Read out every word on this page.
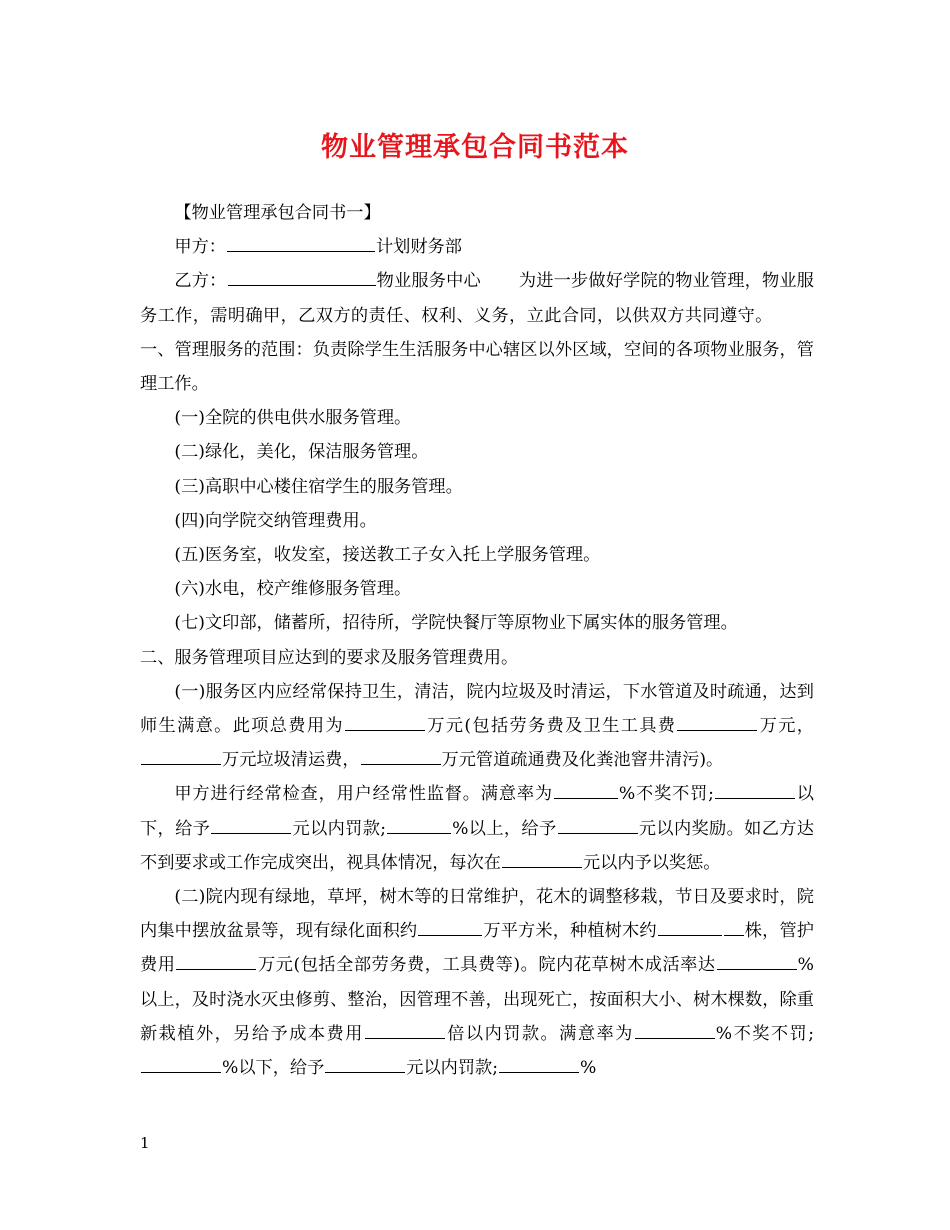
物业管理承包合同书范本

【物业管理承包合同书一】

甲方：	计划财务部

乙方：	物业服务中心 为进一步做好学院的物业管理，物业服务工作，需明确甲，乙双方的责任、权利、义务，立此合同，以供双方共同遵守。一、管理服务的范围：负责除学生生活服务中心辖区以外区域，空间的各项物业服务，管理工作。

(一)全院的供电供水服务管理。

(二)绿化，美化，保洁服务管理。

(三)高职中心楼住宿学生的服务管理。

(四)向学院交纳管理费用。

(五)医务室，收发室，接送教工子女入托上学服务管理。

(六)水电，校产维修服务管理。

(七)文印部，储蓄所，招待所，学院快餐厅等原物业下属实体的服务管理。

二、服务管理项目应达到的要求及服务管理费用。

(一)服务区内应经常保持卫生，清洁，院内垃圾及时清运，下水管道及时疏通，达到师生满意。此项总费用为	万元(包括劳务费及卫生工具费	万元，万元垃圾清运费，	万元管道疏通费及化粪池窨井清污)。

甲方进行经常检查，用户经常性监督。满意率为	%不奖不罚;	以下，给予	元以内罚款;	%以上，给予	元以内奖励。如乙方达不到要求或工作完成突出，视具体情况，每次在	元以内予以奖惩。

(二)院内现有绿地，草坪，树木等的日常维护，花木的调整移栽，节日及要求时，院内集中摆放盆景等，现有绿化面积约	万平方米，种植树木约	株，管护费用	万元(包括全部劳务费，工具费等)。院内花草树木成活率达	%以上，及时浇水灭虫修剪、整治，因管理不善，出现死亡，按面积大小、树木棵数，除重新栽植外，另给予成本费用	倍以内罚款。满意率为	%不奖不罚;%以下，给予	元以内罚款;	%

1
